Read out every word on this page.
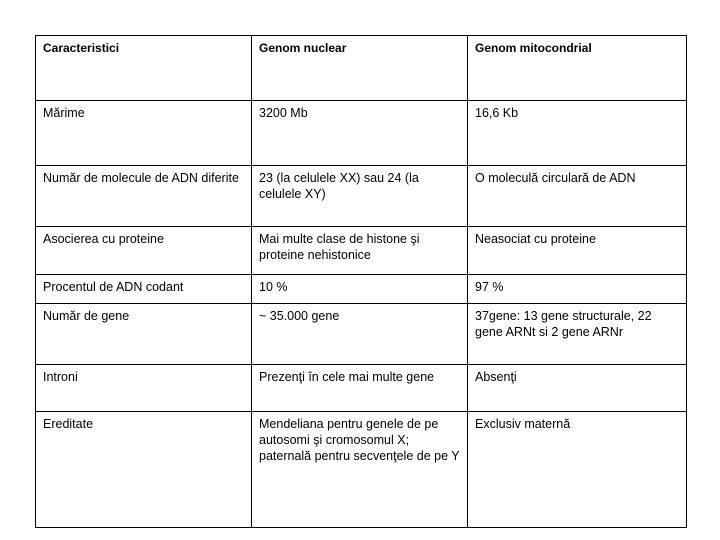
Caracteristici	Genom nuclear	Genom mitocondrial
Mărime	3200 Mb	16,6 Kb
Număr de molecule de ADN diferite	23 (la celulele XX) sau 24 (la celulele XY)	O moleculă circulară de ADN
Asocierea cu proteine	Mai multe clase de histone şi proteine nehistonice	Neasociat cu proteine
Procentul de ADN codant	10 %	97 %
Număr de gene	~ 35.000 gene	37gene: 13 gene structurale, 22 gene ARNt si 2 gene ARNr
Introni	Prezenţi în cele mai multe gene	Absenţi
Ereditate	Mendeliana pentru genele de pe autosomi şi cromosomul X; paternală pentru secvenţele de pe Y	Exclusiv maternă
